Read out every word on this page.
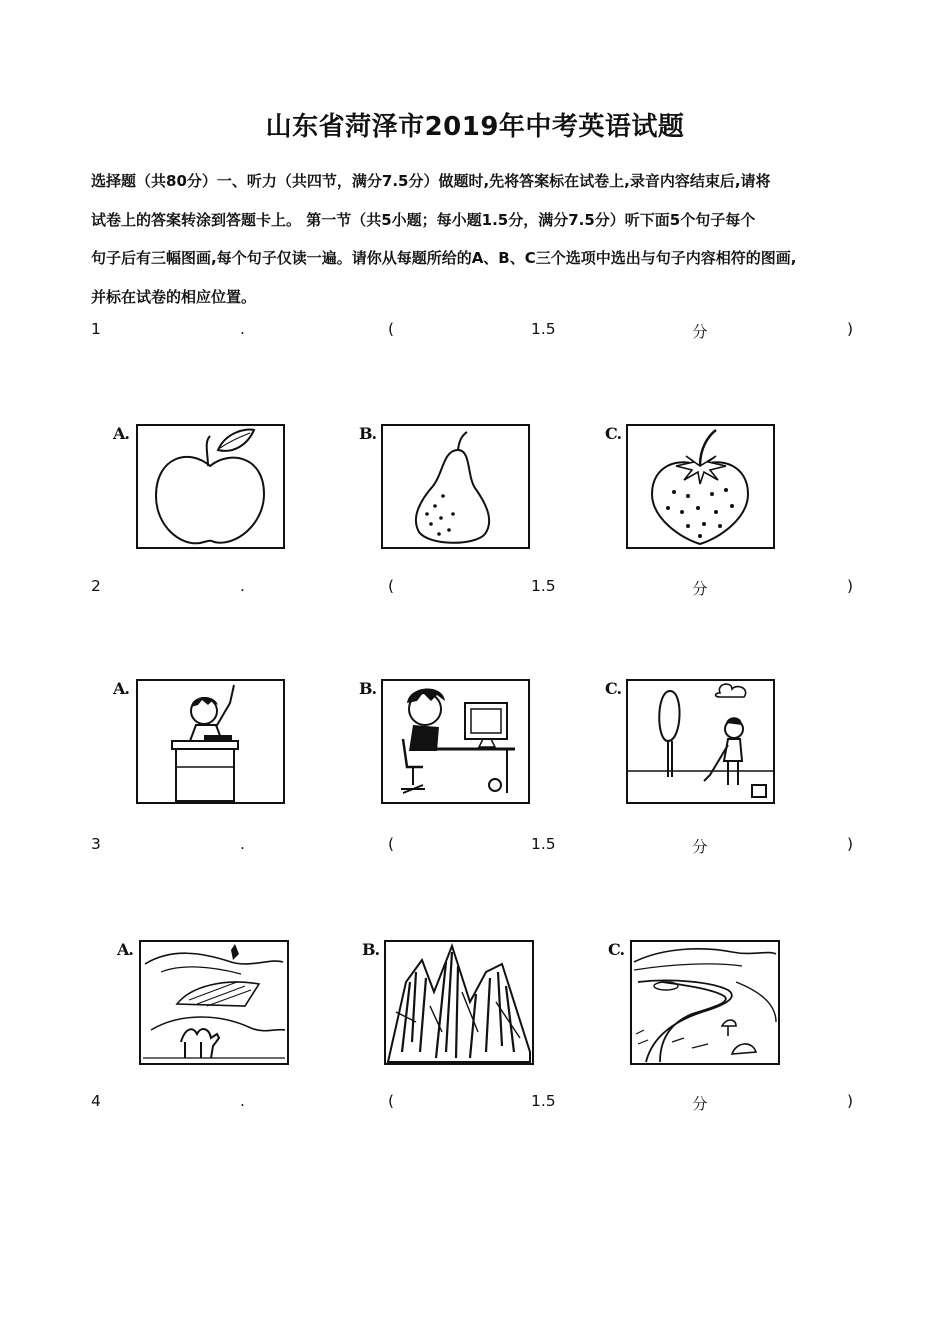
山东省菏泽市2019年中考英语试题
选择题（共80分）一、听力（共四节，满分7.5分）做题时,先将答案标在试卷上,录音内容结束后,请将
试卷上的答案转涂到答题卡上。 第一节（共5小题；每小题1.5分，满分7.5分）听下面5个句子每个
句子后有三幅图画,每个句子仅读一遍。请你从每题所给的A、B、C三个选项中选出与句子内容相符的图画,
并标在试卷的相应位置。
1	.	(	1.5	分	)
A.	B.	C.
2	.	(	1.5	分	)
A.	B.	C.
3	.	(	1.5	分	)
A.	B.	C.
4	.	(	1.5	分	)
